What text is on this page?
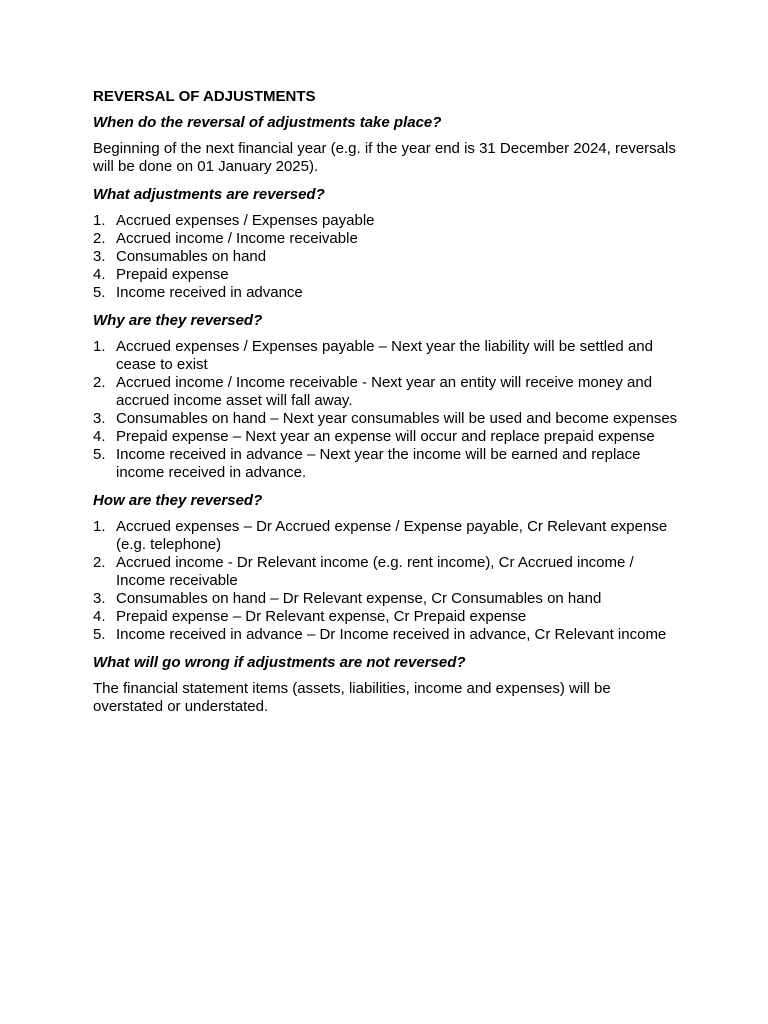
REVERSAL OF ADJUSTMENTS
When do the reversal of adjustments take place?
Beginning of the next financial year (e.g. if the year end is 31 December 2024, reversals will be done on 01 January 2025).
What adjustments are reversed?
1. Accrued expenses / Expenses payable
2. Accrued income / Income receivable
3. Consumables on hand
4. Prepaid expense
5. Income received in advance
Why are they reversed?
1. Accrued expenses / Expenses payable – Next year the liability will be settled and cease to exist
2. Accrued income / Income receivable - Next year an entity will receive money and accrued income asset will fall away.
3. Consumables on hand – Next year consumables will be used and become expenses
4. Prepaid expense – Next year an expense will occur and replace prepaid expense
5. Income received in advance – Next year the income will be earned and replace income received in advance.
How are they reversed?
1. Accrued expenses – Dr Accrued expense / Expense payable, Cr Relevant expense (e.g. telephone)
2. Accrued income - Dr Relevant income (e.g. rent income), Cr Accrued income / Income receivable
3. Consumables on hand – Dr Relevant expense, Cr Consumables on hand
4. Prepaid expense – Dr Relevant expense, Cr Prepaid expense
5. Income received in advance – Dr Income received in advance, Cr Relevant income
What will go wrong if adjustments are not reversed?
The financial statement items (assets, liabilities, income and expenses) will be overstated or understated.
